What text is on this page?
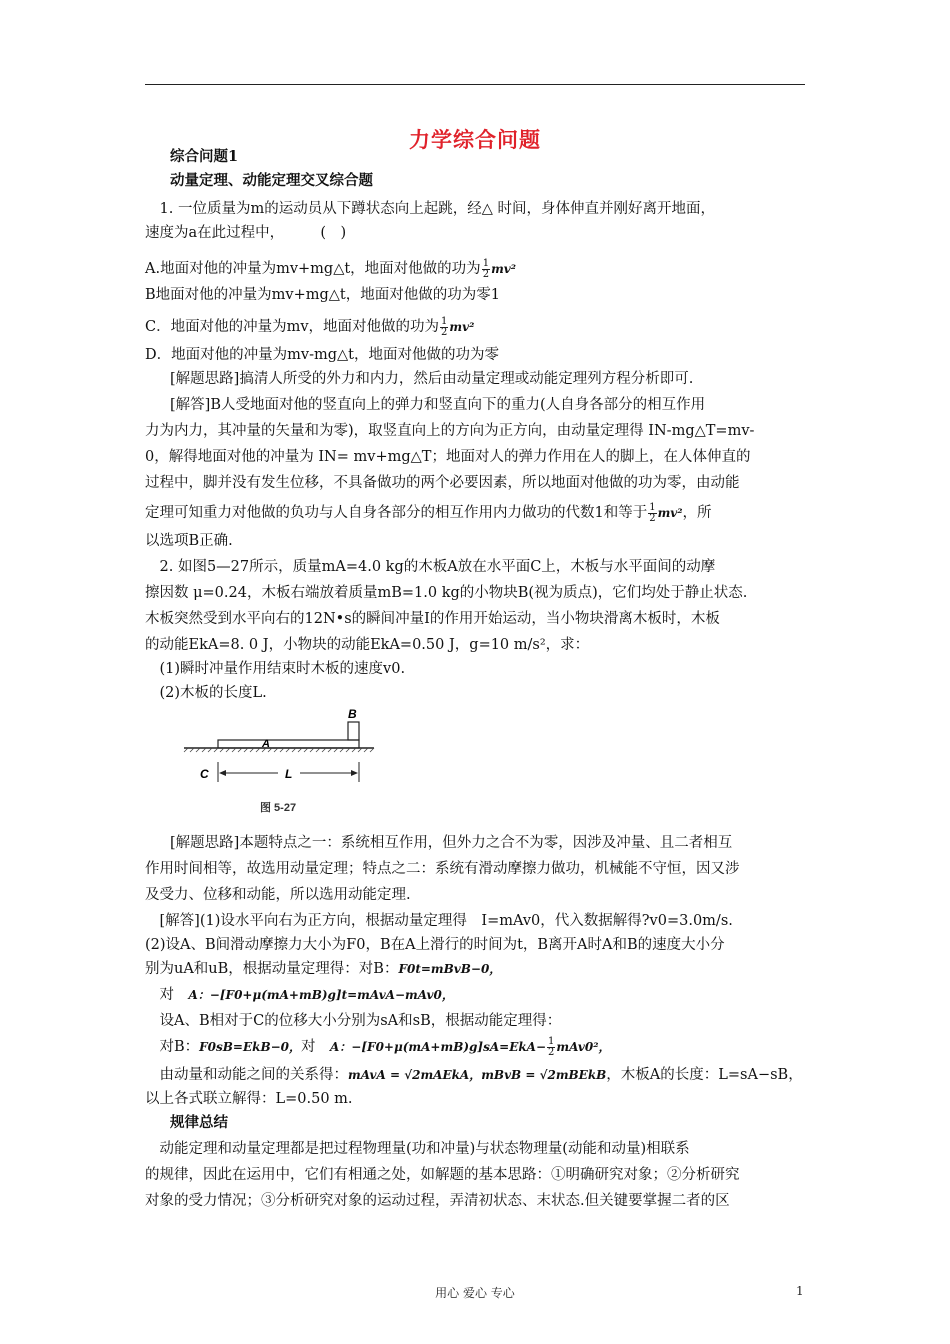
力学综合问题
综合问题1
动量定理、动能定理交叉综合题
　1. 一位质量为m的运动员从下蹲状态向上起跳，经△ 时间，身体伸直并刚好离开地面，
速度为a在此过程中，　　　(　)
A.地面对他的冲量为mv+mg△t，地面对他做的功为 $\frac{1}{2} mv^2$
B地面对他的冲量为mv+mg△t，地面对他做的功为零1
C．地面对他的冲量为mv，地面对他做的功为 $\frac{1}{2} mv^2$
D．地面对他的冲量为mv-mg△t，地面对他做的功为零
[解题思路]搞清人所受的外力和内力，然后由动量定理或动能定理列方程分析即可.
[解答]B人受地面对他的竖直向上的弹力和竖直向下的重力(人自身各部分的相互作用
力为内力，其冲量的矢量和为零)，取竖直向上的方向为正方向，由动量定理得 IN-mg△T=mv-
0，解得地面对他的冲量为 IN= mv+mg△T；地面对人的弹力作用在人的脚上，在人体伸直的
过程中，脚并没有发生位移，不具备做功的两个必要因素，所以地面对他做的功为零，由动能
定理可知重力对他做的负功与人自身各部分的相互作用内力做功的代数1和等于 $\frac{1}{2} mv^2$，所
以选项B正确.
　2. 如图5—27所示，质量mA=4.0 kg的木板A放在水平面C上，木板与水平面间的动摩
擦因数 μ=0.24，木板右端放着质量mB=1.0 kg的小物块B(视为质点)，它们均处于静止状态.
木板突然受到水平向右的12N•s的瞬间冲量I的作用开始运动，当小物块滑离木板时，木板
的动能EkA=8. 0 J，小物块的动能EkA=0.50 J，g=10 m/s²，求：
　(1)瞬时冲量作用结束时木板的速度v0.
　(2)木板的长度L.
B
A
C	L
图 5-27
[解题思路]本题特点之一：系统相互作用，但外力之合不为零，因涉及冲量、且二者相互
作用时间相等，故选用动量定理；特点之二：系统有滑动摩擦力做功，机械能不守恒，因又涉
及受力、位移和动能，所以选用动能定理.
　[解答](1)设水平向右为正方向，根据动量定理得　I=mAv0，代入数据解得?v0=3.0m/s.
(2)设A、B间滑动摩擦力大小为F0，B在A上滑行的时间为t，B离开A时A和B的速度大小分
别为uA和uB，根据动量定理得：对B：F0t=mBvB−0，
　对　 A：−[F0+μ(mA+mB)g]t=mAvA−mAv0，
　设A、B相对于C的位移大小分别为sA和sB，根据动能定理得：
　对B：F0sB=EkB−0，对　 A：$-[F0+\mu(mA+mB)g]sA=EkA- \frac{1}{2} mAv0^2$，
　由动量和动能之间的关系得：mAvA = √2mAEkA，mBvB = √2mBEkB，木板A的长度：L=sA−sB，
以上各式联立解得：L=0.50 m.
规律总结
　动能定理和动量定理都是把过程物理量(功和冲量)与状态物理量(动能和动量)相联系
的规律，因此在运用中，它们有相通之处，如解题的基本思路：①明确研究对象；②分析研究
对象的受力情况；③分析研究对象的运动过程，弄清初状态、末状态.但关键要掌握二者的区
用心 爱心 专心	1
